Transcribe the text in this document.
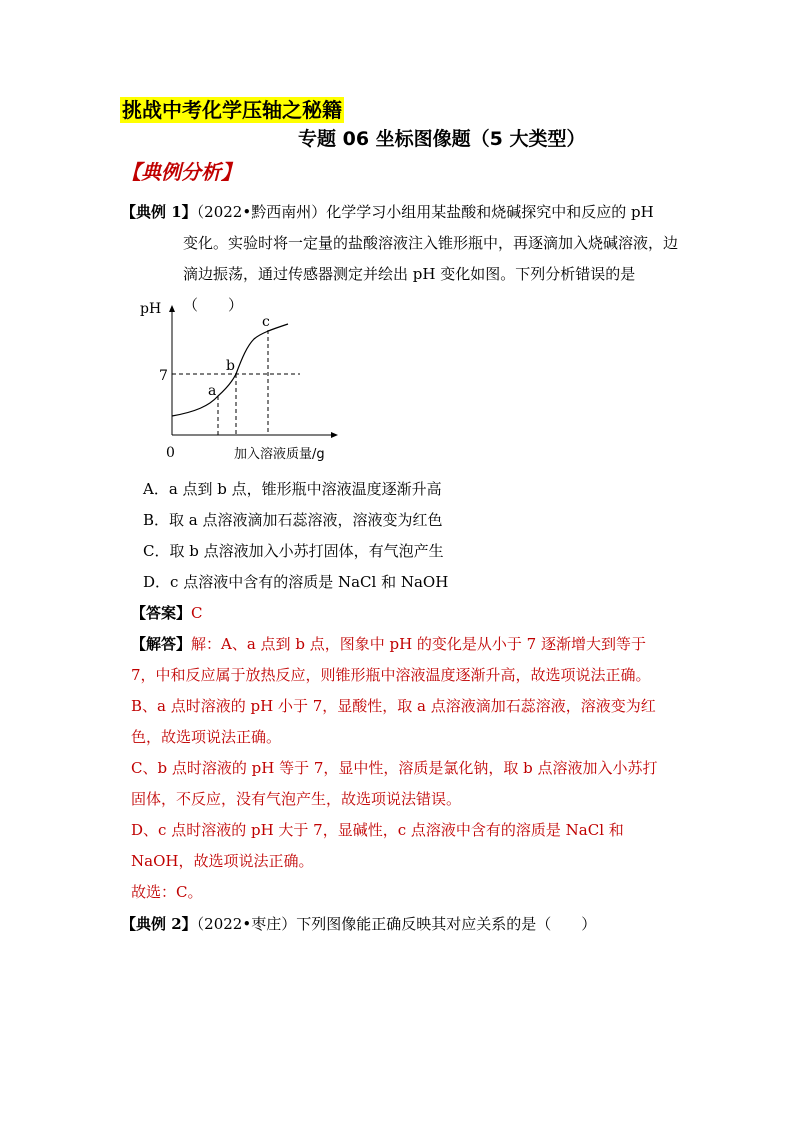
挑战中考化学压轴之秘籍
专题 06 坐标图像题（5 大类型）
【典例分析】
【典例 1】（2022•黔西南州）化学学习小组用某盐酸和烧碱探究中和反应的 pH
变化。实验时将一定量的盐酸溶液注入锥形瓶中，再逐滴加入烧碱溶液，边
滴边振荡，通过传感器测定并绘出 pH 变化如图。下列分析错误的是（　　）
pH
7
0	加入溶液质量/g
a
b
c
A．a 点到 b 点，锥形瓶中溶液温度逐渐升高
B．取 a 点溶液滴加石蕊溶液，溶液变为红色
C．取 b 点溶液加入小苏打固体，有气泡产生
D．c 点溶液中含有的溶质是 NaCl 和 NaOH
【答案】C
【解答】解：A、a 点到 b 点，图象中 pH 的变化是从小于 7 逐渐增大到等于
7，中和反应属于放热反应，则锥形瓶中溶液温度逐渐升高，故选项说法正确。
B、a 点时溶液的 pH 小于 7，显酸性，取 a 点溶液滴加石蕊溶液，溶液变为红
色，故选项说法正确。
C、b 点时溶液的 pH 等于 7，显中性，溶质是氯化钠，取 b 点溶液加入小苏打
固体，不反应，没有气泡产生，故选项说法错误。
D、c 点时溶液的 pH 大于 7，显碱性，c 点溶液中含有的溶质是 NaCl 和
NaOH，故选项说法正确。
故选：C。
【典例 2】（2022•枣庄）下列图像能正确反映其对应关系的是（　　）
